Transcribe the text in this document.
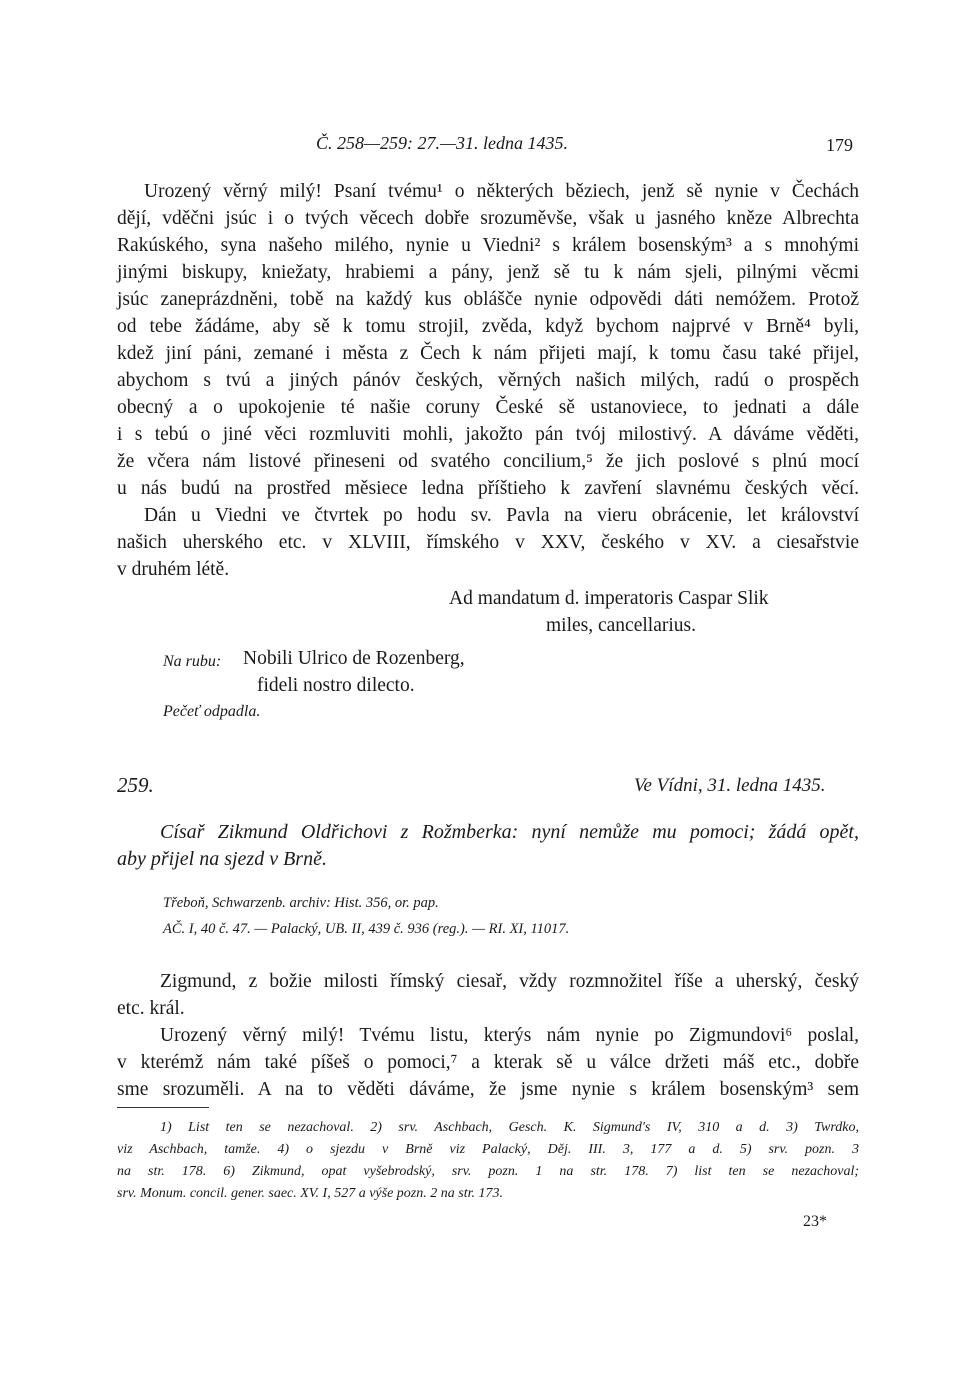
Č. 258—259: 27.—31. ledna 1435.	179
Urozený věrný milý! Psaní tvému¹ o některých běziech, jenž sě nynie v Čechách
dějí, vděčni jsúc i o tvých věcech dobře srozuměvše, však u jasného kněze Albrechta
Rakúského, syna našeho milého, nynie u Viedni² s králem bosenským³ a s mnohými
jinými biskupy, kniežaty, hrabiemi a pány, jenž sě tu k nám sjeli, pilnými věcmi
jsúc zaneprázdněni, tobě na každý kus oblášče nynie odpovědi dáti nemóžem. Protož
od tebe žádáme, aby sě k tomu strojil, zvěda, když bychom najprvé v Brně⁴ byli,
kdež jiní páni, zemané i města z Čech k nám přijeti mají, k tomu času také přijel,
abychom s tvú a jiných pánóv českých, věrných našich milých, radú o prospěch
obecný a o upokojenie té našie coruny České sě ustanoviece, to jednati a dále
i s tebú o jiné věci rozmluviti mohli, jakožto pán tvój milostivý. A dáváme věděti,
že včera nám listové přineseni od svatého concilium,⁵ že jich poslové s plnú mocí
u nás budú na prostřed měsiece ledna příštieho k zavření slavnému českých věcí.
Dán u Viedni ve čtvrtek po hodu sv. Pavla na vieru obrácenie, let království
našich uherského etc. v XLVIII, římského v XXV, českého v XV. a ciesařstvie
v druhém létě.
Ad mandatum d. imperatoris Caspar Slik
miles, cancellarius.
Na rubu: Nobili Ulrico de Rozenberg,
fideli nostro dilecto.
Pečeť odpadla.
259.	Ve Vídni, 31. ledna 1435.
Císař Zikmund Oldřichovi z Rožmberka: nyní nemůže mu pomoci; žádá opět,
aby přijel na sjezd v Brně.
Třeboň, Schwarzenb. archiv: Hist. 356, or. pap.
AČ. I, 40 č. 47. — Palacký, UB. II, 439 č. 936 (reg.). — RI. XI, 11017.
Zigmund, z božie milosti římský ciesař, vždy rozmnožitel říše a uherský, český
etc. král.
Urozený věrný milý! Tvému listu, kterýs nám nynie po Zigmundovi⁶ poslal,
v kterémž nám také píšeš o pomoci,⁷ a kterak sě u válce držeti máš etc., dobře
sme srozuměli. A na to věděti dáváme, že jsme nynie s králem bosenským³ sem
1) List ten se nezachoval. 2) srv. Aschbach, Gesch. K. Sigmund's IV, 310 a d. 3) Twrdko,
viz Aschbach, tamže. 4) o sjezdu v Brně viz Palacký, Děj. III. 3, 177 a d. 5) srv. pozn. 3
na str. 178. 6) Zikmund, opat vyšebrodský, srv. pozn. 1 na str. 178. 7) list ten se nezachoval;
srv. Monum. concil. gener. saec. XV. I, 527 a výše pozn. 2 na str. 173.
23*
